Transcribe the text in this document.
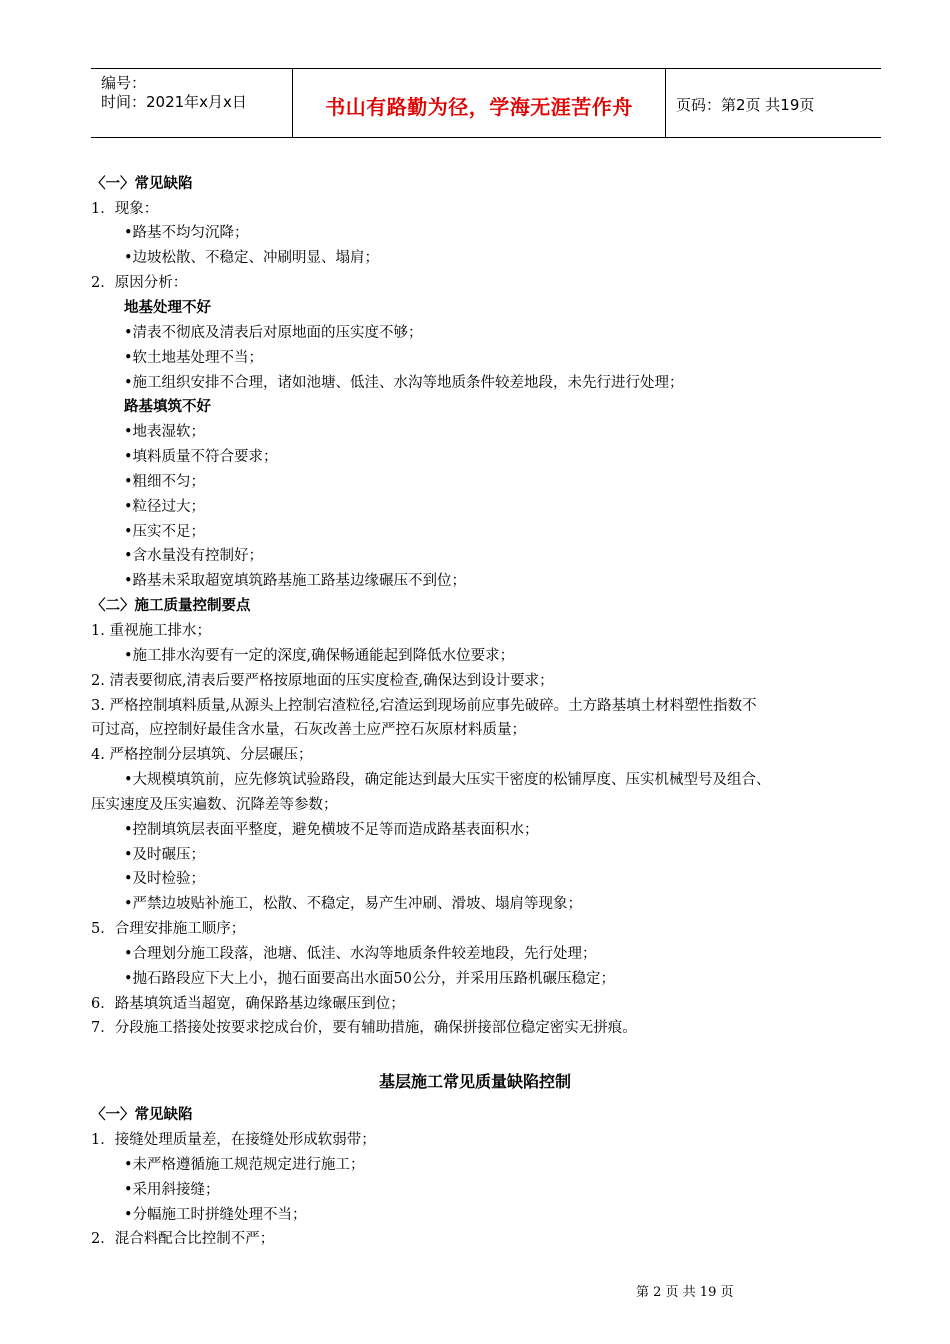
编号：
时间：2021年x月x日	书山有路勤为径，学海无涯苦作舟	页码：第2页 共19页
〈一〉常见缺陷
1．现象：
•路基不均匀沉降；
•边坡松散、不稳定、冲刷明显、塌肩；
2．原因分析：
地基处理不好
•清表不彻底及清表后对原地面的压实度不够；
•软土地基处理不当；
•施工组织安排不合理，诸如池塘、低洼、水沟等地质条件较差地段，未先行进行处理；
路基填筑不好
•地表湿软；
•填料质量不符合要求；
•粗细不匀；
•粒径过大；
•压实不足；
•含水量没有控制好；
•路基未采取超宽填筑路基施工路基边缘碾压不到位；
〈二〉施工质量控制要点
1. 重视施工排水；
•施工排水沟要有一定的深度,确保畅通能起到降低水位要求；
2. 清表要彻底,清表后要严格按原地面的压实度检查,确保达到设计要求；
3. 严格控制填料质量,从源头上控制宕渣粒径,宕渣运到现场前应事先破碎。土方路基填土材料塑性指数不
可过高，应控制好最佳含水量，石灰改善土应严控石灰原材料质量；
4. 严格控制分层填筑、分层碾压；
•大规模填筑前，应先修筑试验路段，确定能达到最大压实干密度的松铺厚度、压实机械型号及组合、
压实速度及压实遍数、沉降差等参数；
•控制填筑层表面平整度，避免横坡不足等而造成路基表面积水；
•及时碾压；
•及时检验；
•严禁边坡贴补施工，松散、不稳定，易产生冲刷、滑坡、塌肩等现象；
5．合理安排施工顺序；
•合理划分施工段落，池塘、低洼、水沟等地质条件较差地段，先行处理；
•抛石路段应下大上小，抛石面要高出水面50公分，并采用压路机碾压稳定；
6．路基填筑适当超宽，确保路基边缘碾压到位；
7．分段施工搭接处按要求挖成台价，要有辅助措施，确保拼接部位稳定密实无拼痕。
基层施工常见质量缺陷控制
〈一〉常见缺陷
1．接缝处理质量差，在接缝处形成软弱带；
•未严格遵循施工规范规定进行施工；
•采用斜接缝；
•分幅施工时拼缝处理不当；
2．混合料配合比控制不严；
第 2 页 共 19 页
